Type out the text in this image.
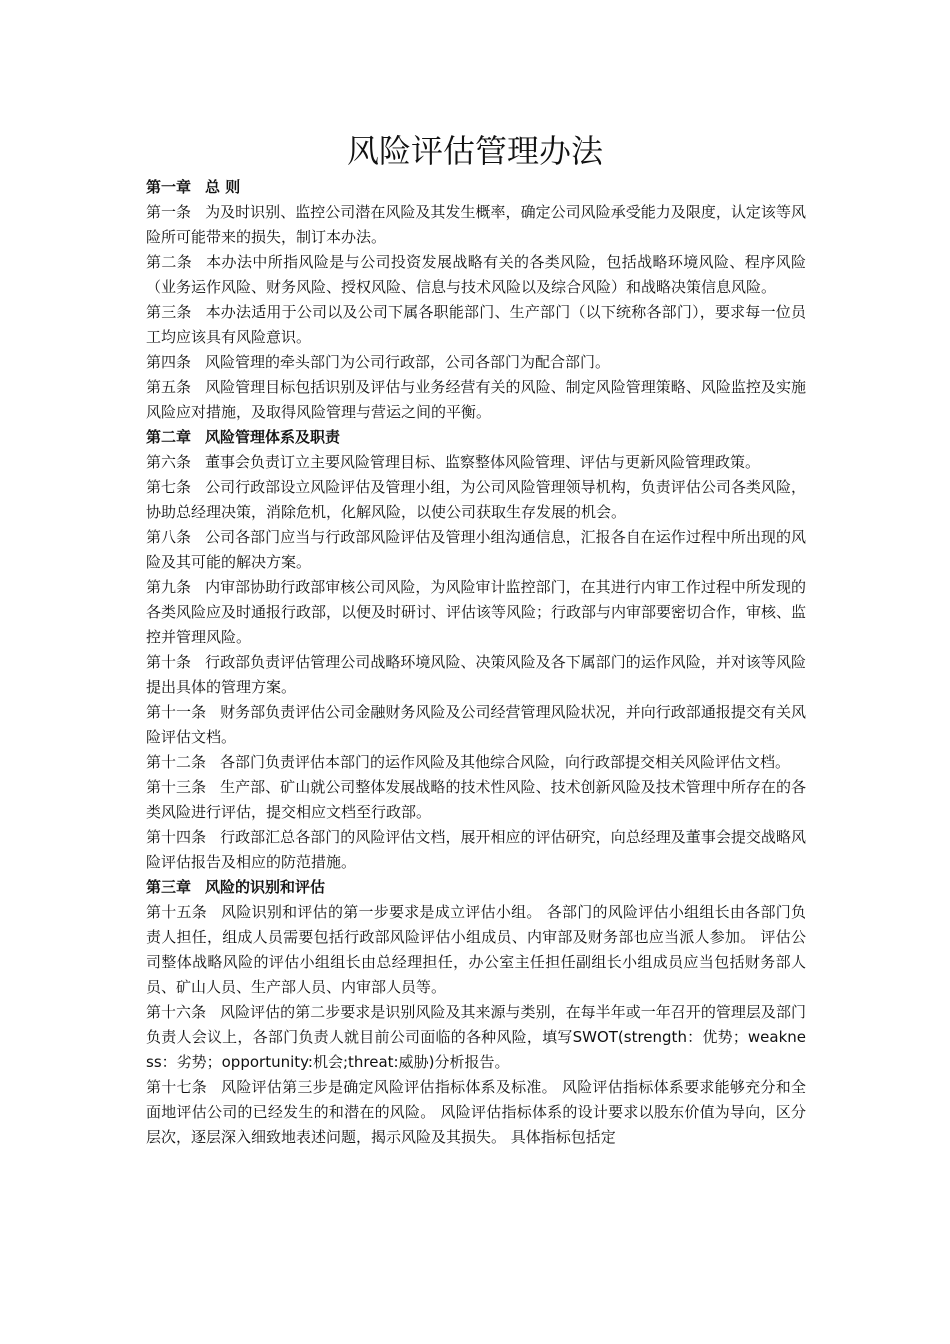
风险评估管理办法

第一章 总 则

第一条 为及时识别、监控公司潜在风险及其发生概率，确定公司风险承受能力及限度，认定该等风险所可能带来的损失，制订本办法。

第二条 本办法中所指风险是与公司投资发展战略有关的各类风险，包括战略环境风险、程序风险（业务运作风险、财务风险、授权风险、信息与技术风险以及综合风险）和战略决策信息风险。

第三条 本办法适用于公司以及公司下属各职能部门、生产部门（以下统称各部门），要求每一位员工均应该具有风险意识。

第四条 风险管理的牵头部门为公司行政部，公司各部门为配合部门。

第五条 风险管理目标包括识别及评估与业务经营有关的风险、制定风险管理策略、风险监控及实施风险应对措施，及取得风险管理与营运之间的平衡。

第二章 风险管理体系及职责

第六条 董事会负责订立主要风险管理目标、监察整体风险管理、评估与更新风险管理政策。

第七条 公司行政部设立风险评估及管理小组，为公司风险管理领导机构，负责评估公司各类风险，协助总经理决策，消除危机，化解风险，以使公司获取生存发展的机会。

第八条 公司各部门应当与行政部风险评估及管理小组沟通信息，汇报各自在运作过程中所出现的风险及其可能的解决方案。

第九条 内审部协助行政部审核公司风险，为风险审计监控部门，在其进行内审工作过程中所发现的各类风险应及时通报行政部，以便及时研讨、评估该等风险；行政部与内审部要密切合作，审核、监控并管理风险。

第十条 行政部负责评估管理公司战略环境风险、决策风险及各下属部门的运作风险，并对该等风险提出具体的管理方案。

第十一条 财务部负责评估公司金融财务风险及公司经营管理风险状况，并向行政部通报提交有关风险评估文档。

第十二条 各部门负责评估本部门的运作风险及其他综合风险，向行政部提交相关风险评估文档。

第十三条 生产部、矿山就公司整体发展战略的技术性风险、技术创新风险及技术管理中所存在的各类风险进行评估，提交相应文档至行政部。

第十四条 行政部汇总各部门的风险评估文档，展开相应的评估研究，向总经理及董事会提交战略风险评估报告及相应的防范措施。

第三章 风险的识别和评估

第十五条 风险识别和评估的第一步要求是成立评估小组。 各部门的风险评估小组组长由各部门负责人担任，组成人员需要包括行政部风险评估小组成员、内审部及财务部也应当派人参加。 评估公司整体战略风险的评估小组组长由总经理担任，办公室主任担任副组长小组成员应当包括财务部人员、矿山人员、生产部人员、内审部人员等。

第十六条 风险评估的第二步要求是识别风险及其来源与类别，在每半年或一年召开的管理层及部门负责人会议上，各部门负责人就目前公司面临的各种风险，填写SWOT(strength：优势；weakness：劣势；opportunity:机会;threat:威胁)分析报告。

第十七条 风险评估第三步是确定风险评估指标体系及标准。 风险评估指标体系要求能够充分和全面地评估公司的已经发生的和潜在的风险。 风险评估指标体系的设计要求以股东价值为导向，区分层次，逐层深入细致地表述问题，揭示风险及其损失。 具体指标包括定
